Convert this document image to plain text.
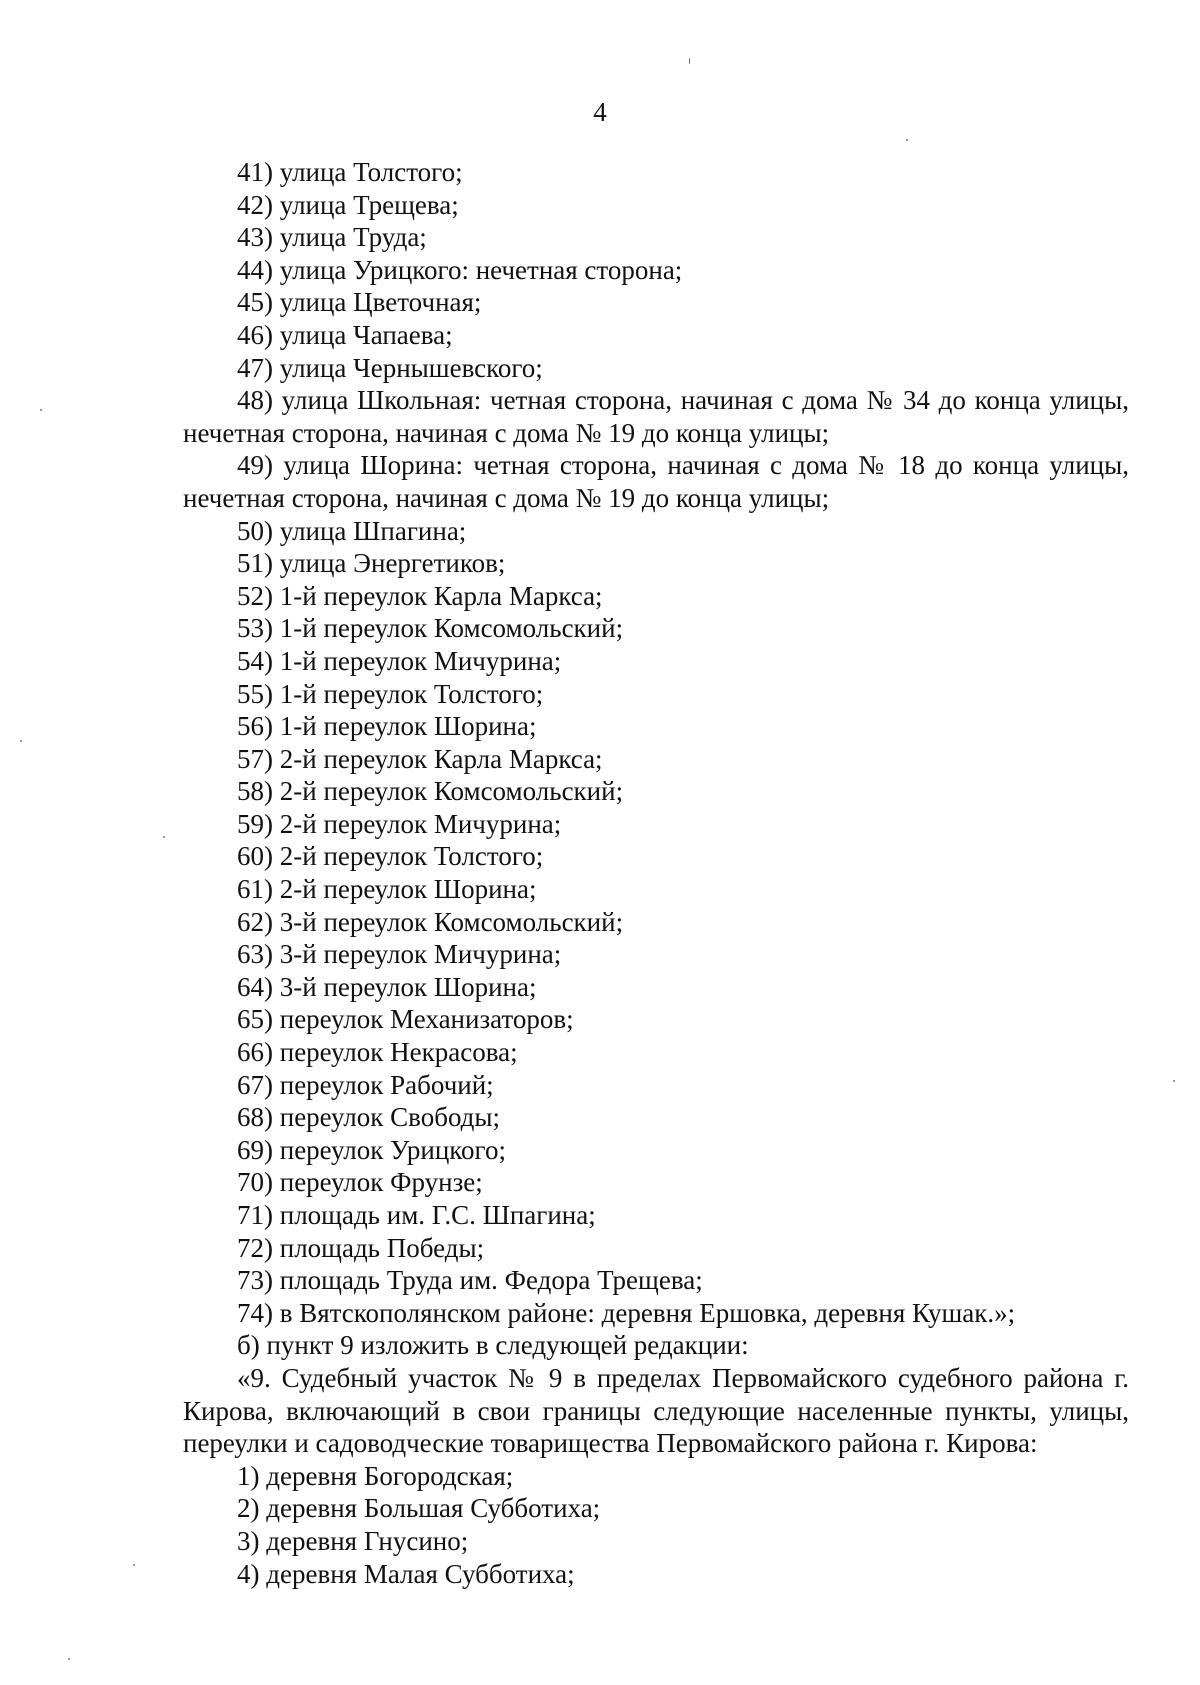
4

41) улица Толстого;

42) улица Трещева;

43) улица Труда;

44) улица Урицкого: нечетная сторона;

45) улица Цветочная;

46) улица Чапаева;

47) улица Чернышевского;

48) улица Школьная: четная сторона, начиная с дома № 34 до конца улицы, нечетная сторона, начиная с дома № 19 до конца улицы;

49) улица Шорина: четная сторона, начиная с дома № 18 до конца улицы, нечетная сторона, начиная с дома № 19 до конца улицы;

50) улица Шпагина;

51) улица Энергетиков;

52) 1-й переулок Карла Маркса;

53) 1-й переулок Комсомольский;

54) 1-й переулок Мичурина;

55) 1-й переулок Толстого;

56) 1-й переулок Шорина;

57) 2-й переулок Карла Маркса;

58) 2-й переулок Комсомольский;

59) 2-й переулок Мичурина;

60) 2-й переулок Толстого;

61) 2-й переулок Шорина;

62) 3-й переулок Комсомольский;

63) 3-й переулок Мичурина;

64) 3-й переулок Шорина;

65) переулок Механизаторов;

66) переулок Некрасова;

67) переулок Рабочий;

68) переулок Свободы;

69) переулок Урицкого;

70) переулок Фрунзе;

71) площадь им. Г.С. Шпагина;

72) площадь Победы;

73) площадь Труда им. Федора Трещева;

74) в Вятскополянском районе: деревня Ершовка, деревня Кушак.»;

б) пункт 9 изложить в следующей редакции:

«9. Судебный участок № 9 в пределах Первомайского судебного района г. Кирова, включающий в свои границы следующие населенные пункты, улицы, переулки и садоводческие товарищества Первомайского района г. Кирова:

1) деревня Богородская;

2) деревня Большая Субботиха;

3) деревня Гнусино;

4) деревня Малая Субботиха;
